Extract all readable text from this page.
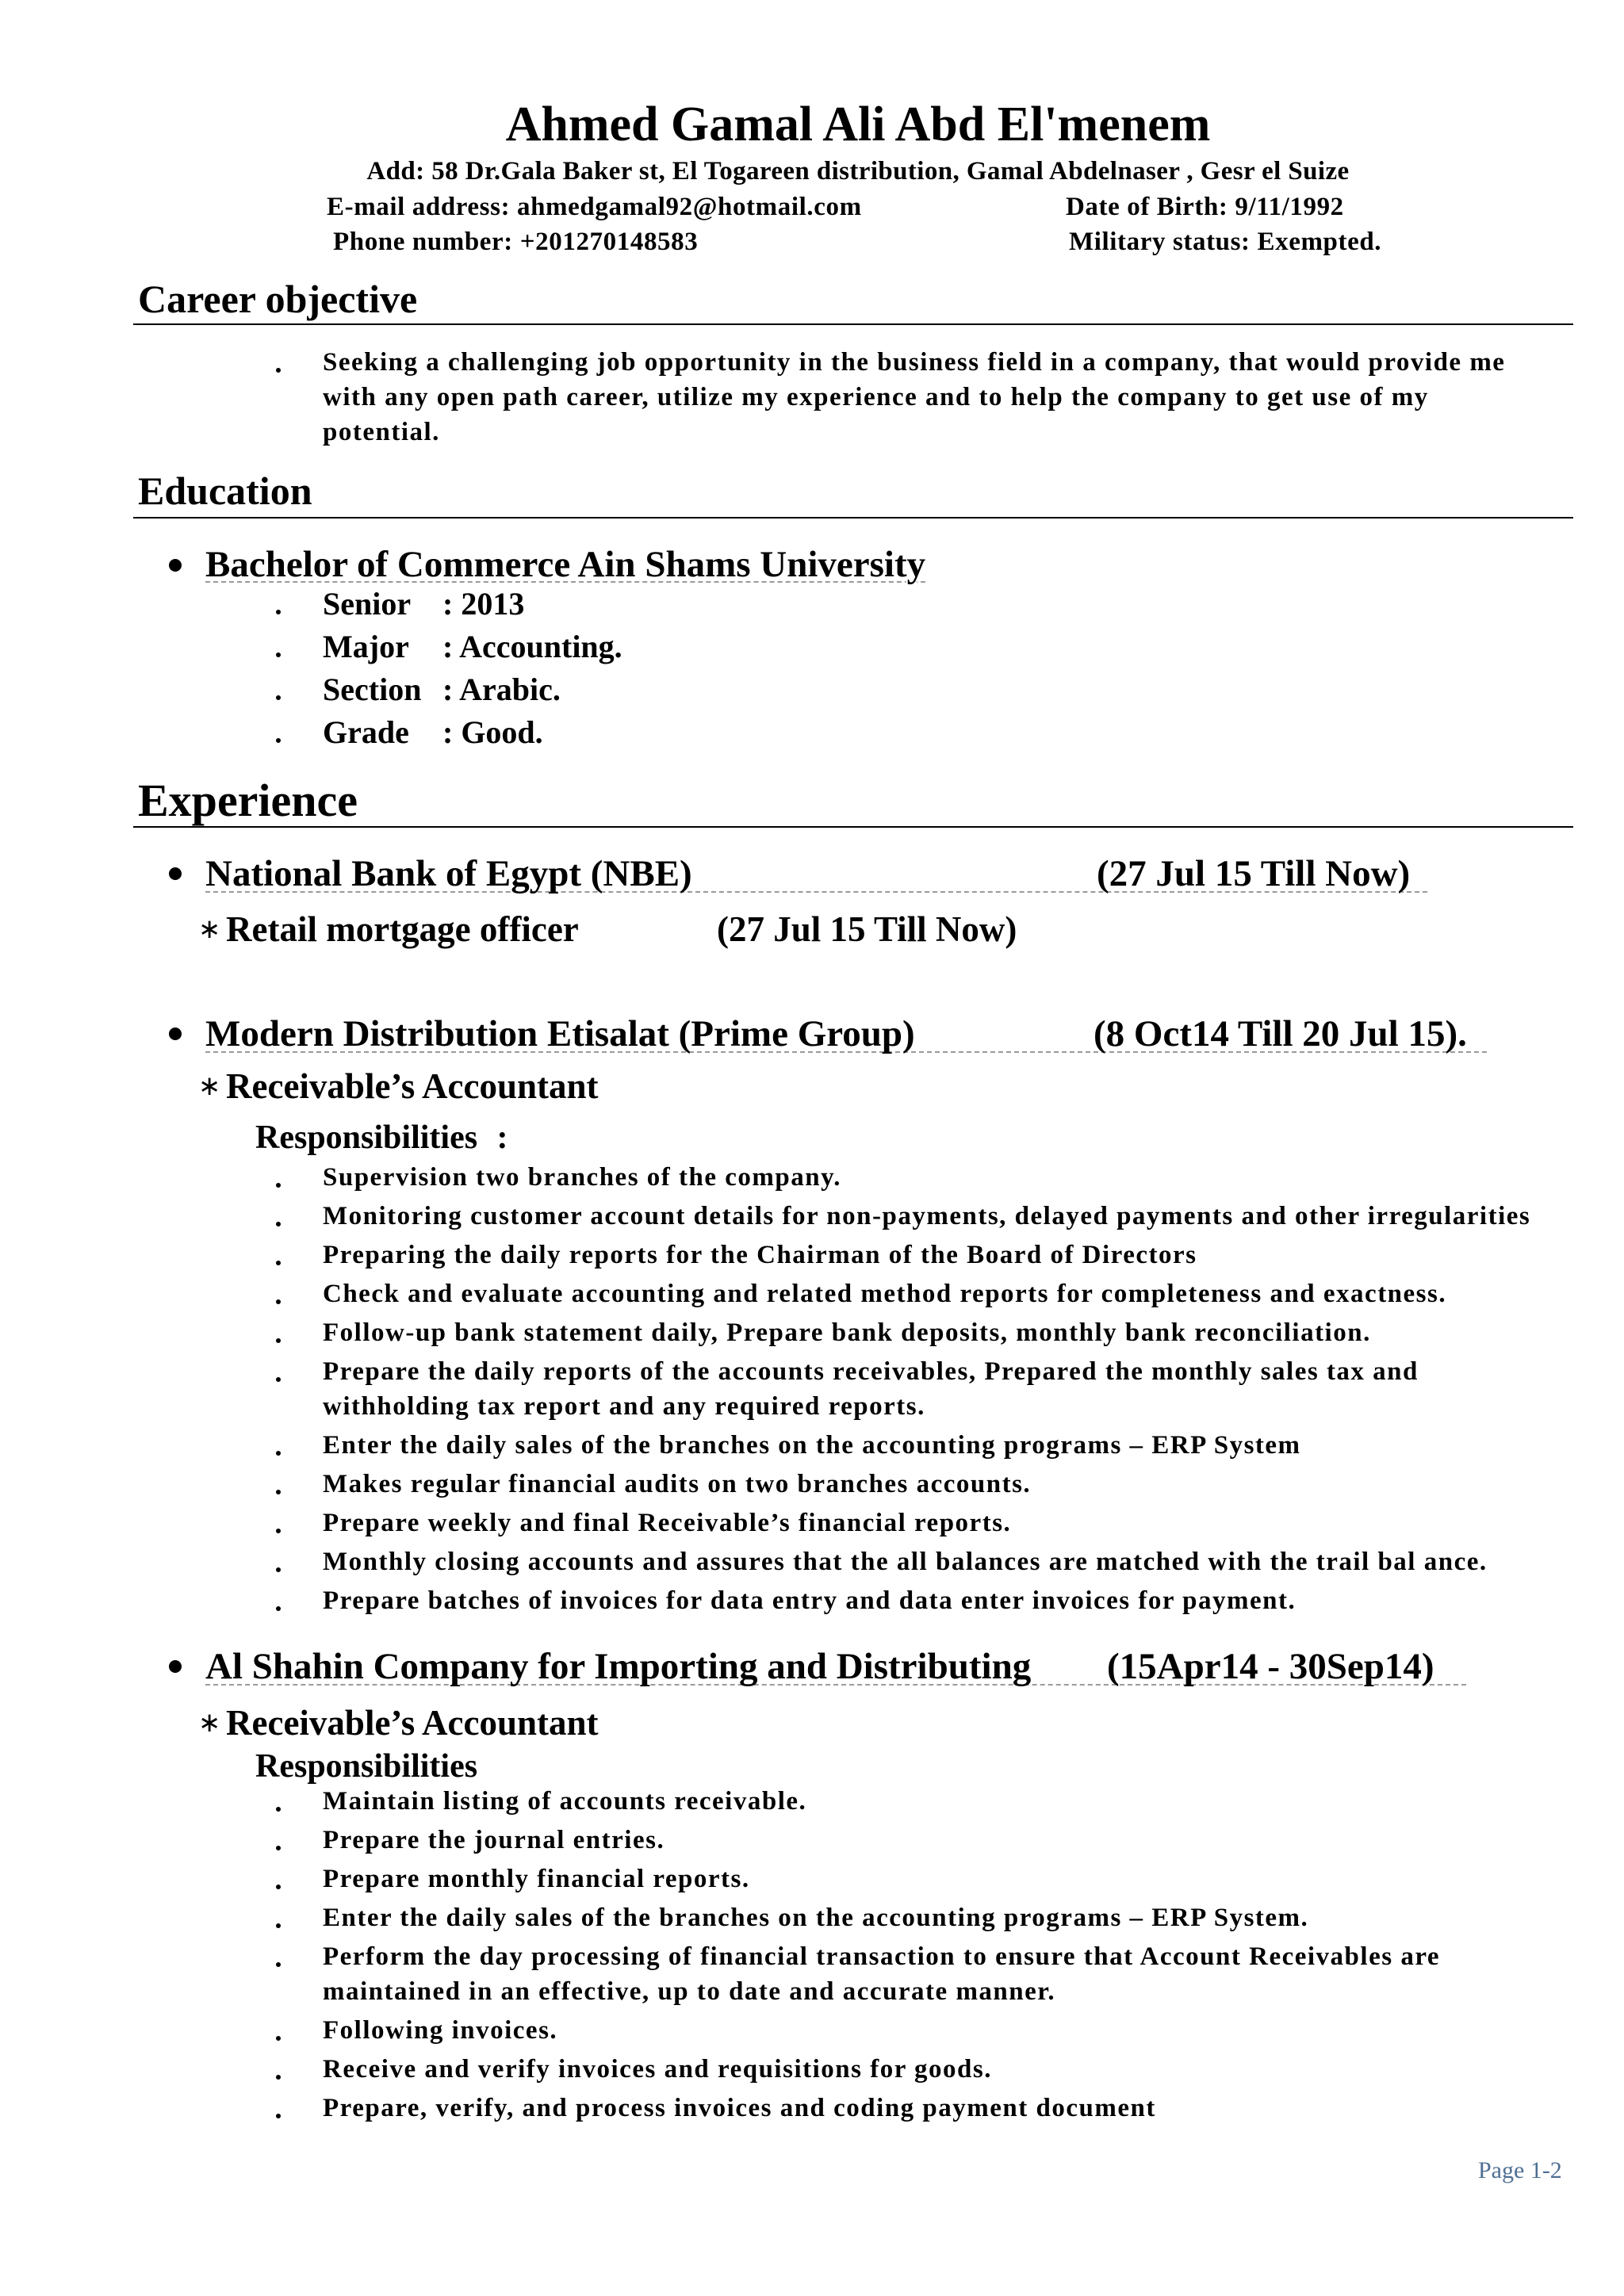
Ahmed Gamal Ali Abd El'menem
Add: 58 Dr.Gala Baker st, El Togareen distribution, Gamal Abdelnaser , Gesr el Suize
E-mail address: ahmedgamal92@hotmail.com	Date of Birth: 9/11/1992
Phone number: +201270148583	Military status: Exempted.
Career objective
Seeking a challenging job opportunity in the business field in a company, that would provide me
with any open path career, utilize my experience and to help the company to get use of my
potential.
Education
Bachelor of Commerce Ain Shams University
Senior : 2013
Major : Accounting.
Section : Arabic.
Grade : Good.
Experience
National Bank of Egypt (NBE)	(27 Jul 15 Till Now)
∗
Retail mortgage officer	(27 Jul 15 Till Now)
Modern Distribution Etisalat (Prime Group)	(8 Oct14 Till 20 Jul 15).
∗
Receivable’s Accountant
Responsibilities :
Supervision two branches of the company.
Monitoring customer account details for non-payments, delayed payments and other irregularities
Preparing the daily reports for the Chairman of the Board of Directors
Check and evaluate accounting and related method reports for completeness and exactness.
Follow-up bank statement daily, Prepare bank deposits, monthly bank reconciliation.
Prepare the daily reports of the accounts receivables, Prepared the monthly sales tax and
withholding tax report and any required reports.
Enter the daily sales of the branches on the accounting programs – ERP System
Makes regular financial audits on two branches accounts.
Prepare weekly and final Receivable’s financial reports.
Monthly closing accounts and assures that the all balances are matched with the trail bal ance.
Prepare batches of invoices for data entry and data enter invoices for payment.
Al Shahin Company for Importing and Distributing (15Apr14 - 30Sep14)
∗
Receivable’s Accountant
Responsibilities
Maintain listing of accounts receivable.
Prepare the journal entries.
Prepare monthly financial reports.
Enter the daily sales of the branches on the accounting programs – ERP System.
Perform the day processing of financial transaction to ensure that Account Receivables are
maintained in an effective, up to date and accurate manner.
Following invoices.
Receive and verify invoices and requisitions for goods.
Prepare, verify, and process invoices and coding payment document
Page 1-2
